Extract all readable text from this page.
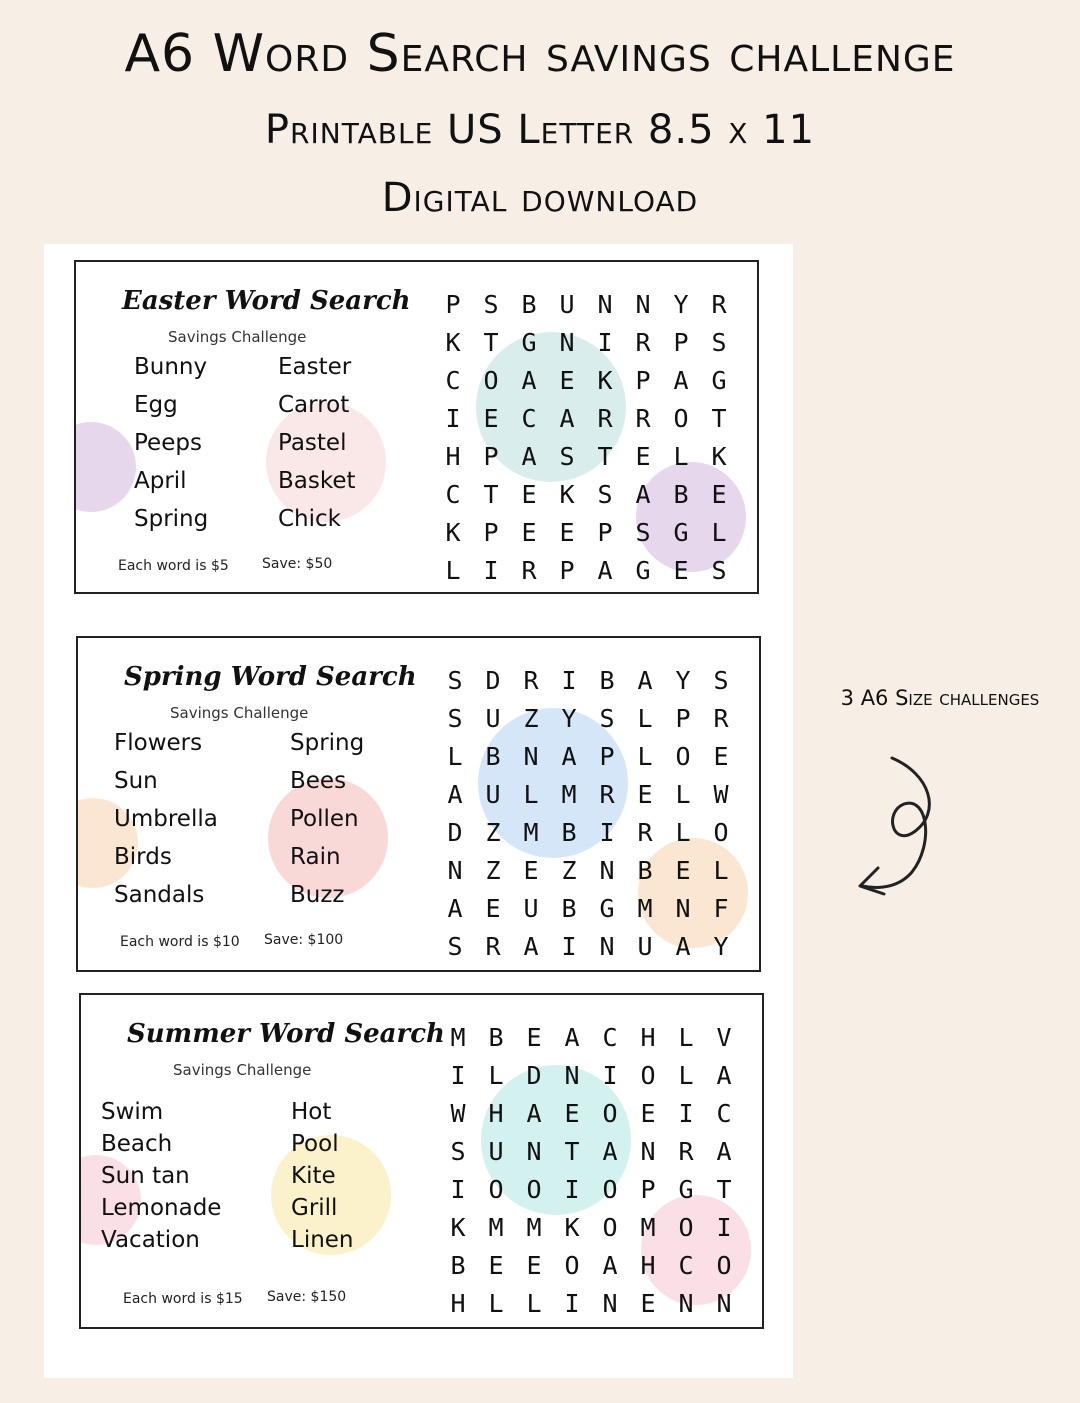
A6 Word Search savings challenge
Printable US Letter 8.5 x 11
Digital download
Easter Word Search
Savings Challenge
Bunny
Egg
Peeps
April
Spring
Easter
Carrot
Pastel
Basket
Chick
Each word is $5 Save: $50
P S B U N N Y R
K T G N I R P S
C O A E K P A G
I E C A R R O T
H P A S T E L K
C T E K S A B E
K P E E P S G L
L I R P A G E S
Spring Word Search
Savings Challenge
Flowers
Sun
Umbrella
Birds
Sandals
Spring
Bees
Pollen
Rain
Buzz
Each word is $10 Save: $100
S D R I B A Y S
S U Z Y S L P R
L B N A P L O E
A U L M R E L W
D Z M B I R L O
N Z E Z N B E L
A E U B G M N F
S R A I N U A Y
Summer Word Search
Savings Challenge
Swim
Beach
Sun tan
Lemonade
Vacation
Hot
Pool
Kite
Grill
Linen
Each word is $15 Save: $150
M B E A C H L V
I L D N I O L A
W H A E O E I C
S U N T A N R A
I O O I O P G T
K M M K O M O I
B E E O A H C O
H L L I N E N N
3 A6 Size challenges
